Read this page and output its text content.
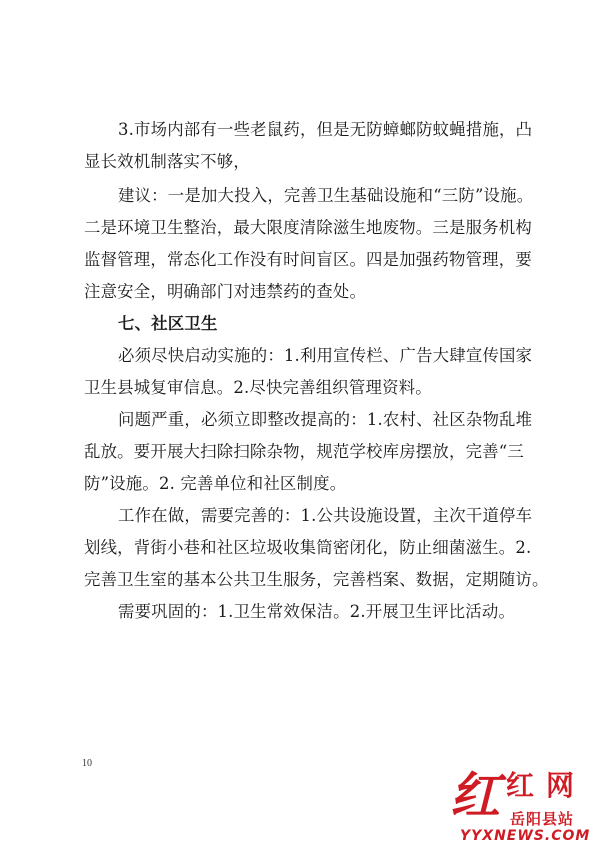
3.市场内部有一些老鼠药，但是无防蟑螂防蚊蝇措施，凸
显长效机制落实不够，
建议：一是加大投入，完善卫生基础设施和“三防”设施。
二是环境卫生整治，最大限度清除滋生地废物。三是服务机构
监督管理，常态化工作没有时间盲区。四是加强药物管理，要
注意安全，明确部门对违禁药的查处。
七、社区卫生
必须尽快启动实施的：1.利用宣传栏、广告大肆宣传国家
卫生县城复审信息。2.尽快完善组织管理资料。
问题严重，必须立即整改提高的：1.农村、社区杂物乱堆
乱放。要开展大扫除扫除杂物，规范学校库房摆放，完善“三
防”设施。2. 完善单位和社区制度。
工作在做，需要完善的：1.公共设施设置，主次干道停车
划线，背街小巷和社区垃圾收集筒密闭化，防止细菌滋生。2.
完善卫生室的基本公共卫生服务，完善档案、数据，定期随访。
需要巩固的：1.卫生常效保洁。2.开展卫生评比活动。
10
红 红 网
岳阳县站
YYXNEWS.COM
